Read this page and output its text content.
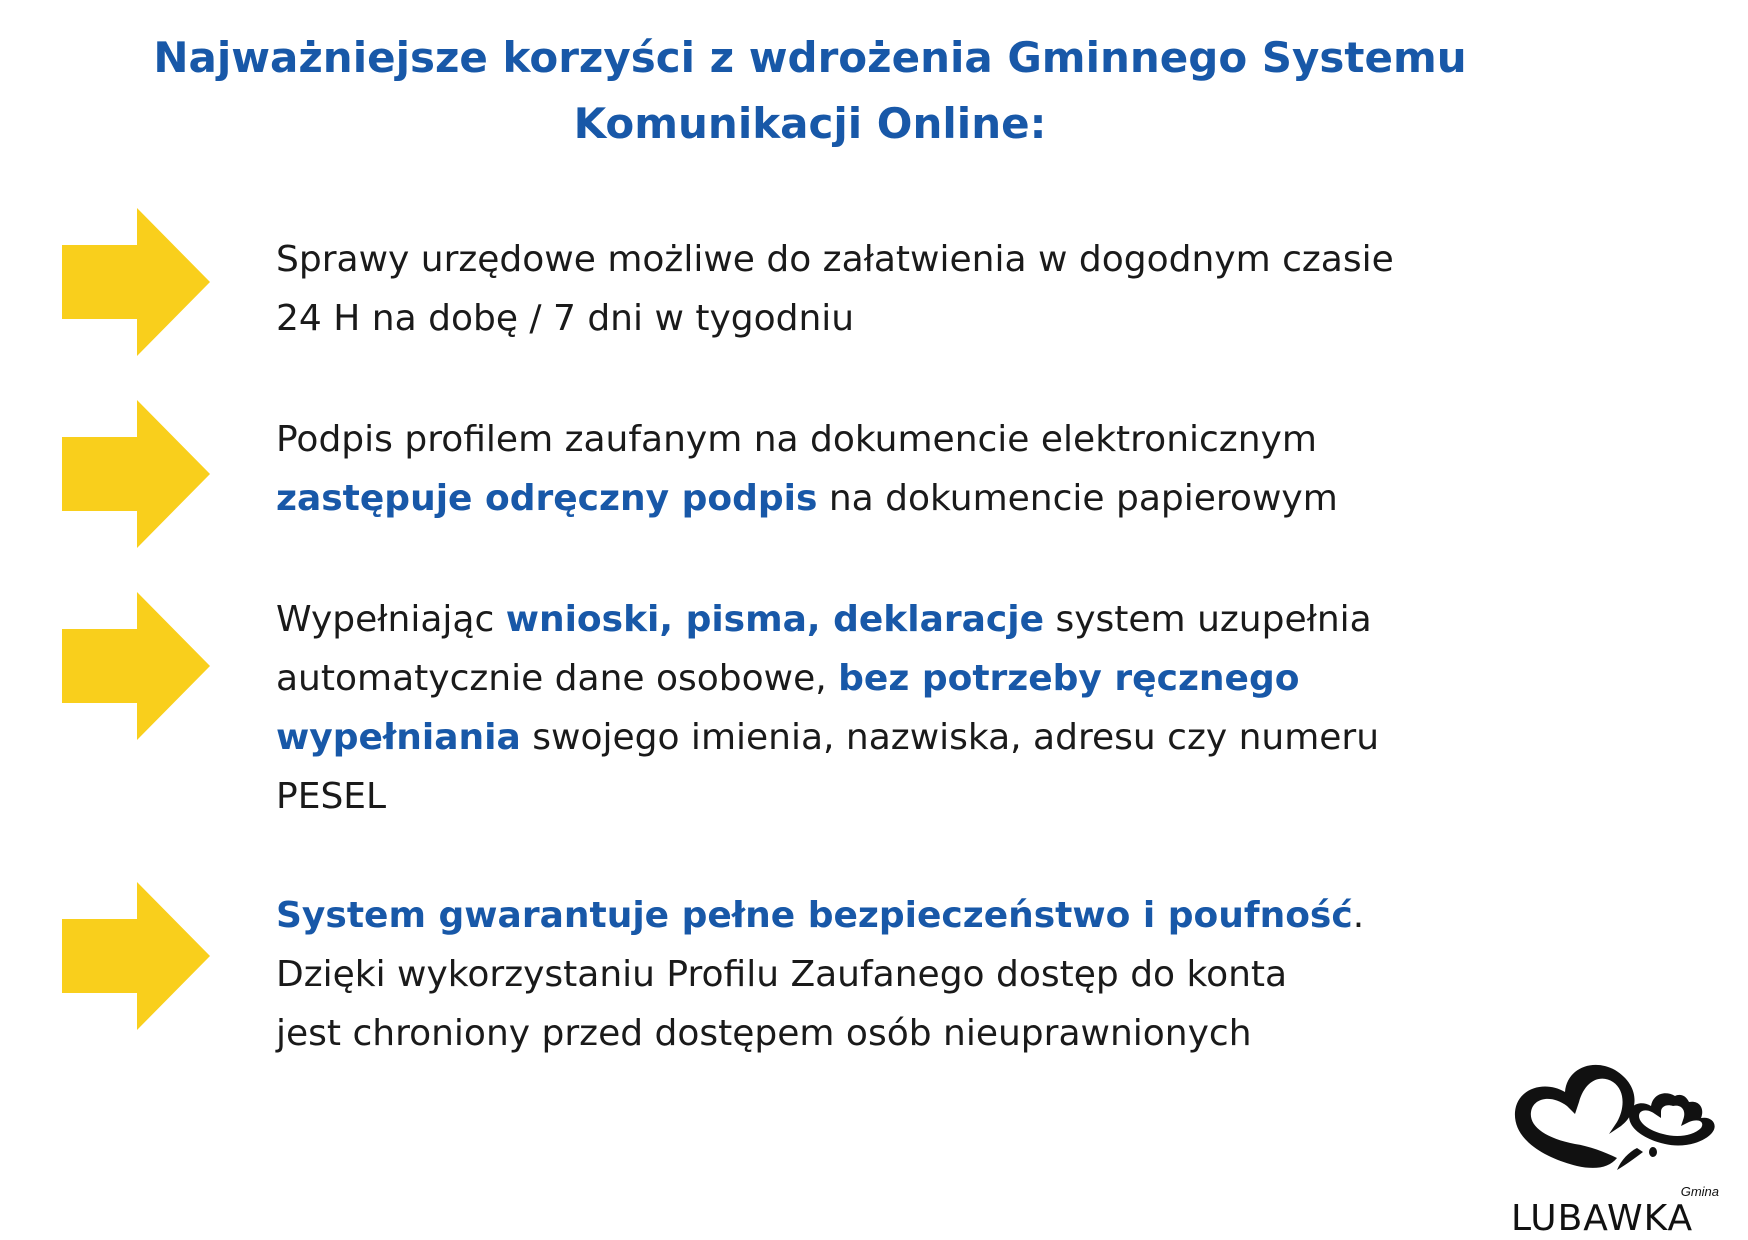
Najważniejsze korzyści z wdrożenia Gminnego Systemu
Komunikacji Online:
Sprawy urzędowe możliwe do załatwienia w dogodnym czasie
24 H na dobę / 7 dni w tygodniu
Podpis profilem zaufanym na dokumencie elektronicznym
zastępuje odręczny podpis na dokumencie papierowym
Wypełniając wnioski, pisma, deklaracje system uzupełnia
automatycznie dane osobowe, bez potrzeby ręcznego
wypełniania swojego imienia, nazwiska, adresu czy numeru
PESEL
System gwarantuje pełne bezpieczeństwo i poufność.
Dzięki wykorzystaniu Profilu Zaufanego dostęp do konta
jest chroniony przed dostępem osób nieuprawnionych
Gmina
LUBAWKA
